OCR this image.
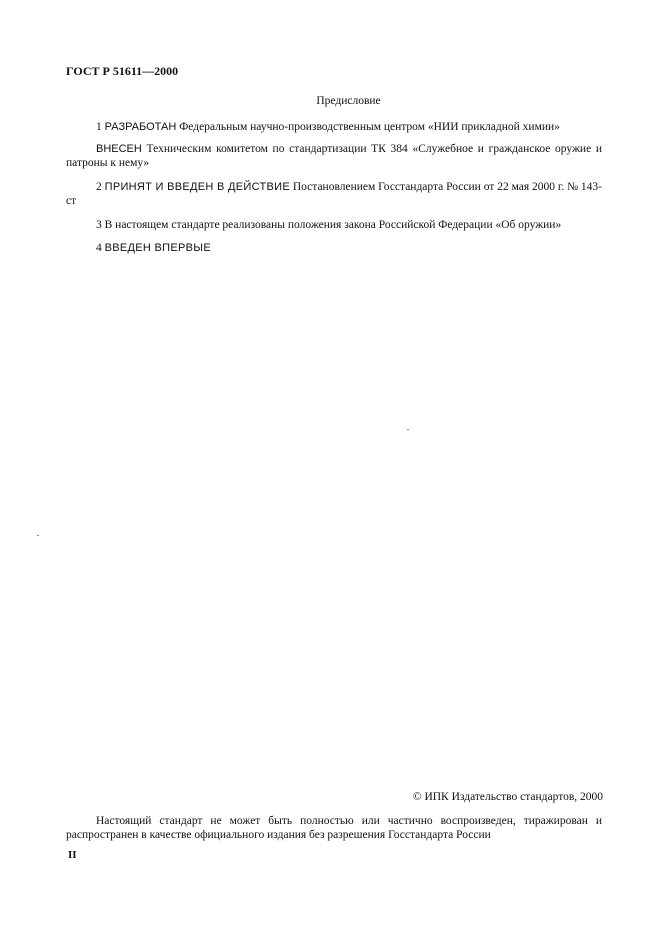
ГОСТ Р 51611—2000
Предисловие
1 РАЗРАБОТАН Федеральным научно-производственным центром «НИИ прикладной химии»
ВНЕСЕН Техническим комитетом по стандартизации ТК 384 «Служебное и гражданское оружие и патроны к нему»
2 ПРИНЯТ И ВВЕДЕН В ДЕЙСТВИЕ Постановлением Госстандарта России от 22 мая 2000 г. № 143-ст
3 В настоящем стандарте реализованы положения закона Российской Федерации «Об оружии»
4 ВВЕДЕН ВПЕРВЫЕ
© ИПК Издательство стандартов, 2000
Настоящий стандарт не может быть полностью или частично воспроизведен, тиражирован и распространен в качестве официального издания без разрешения Госстандарта России
II
